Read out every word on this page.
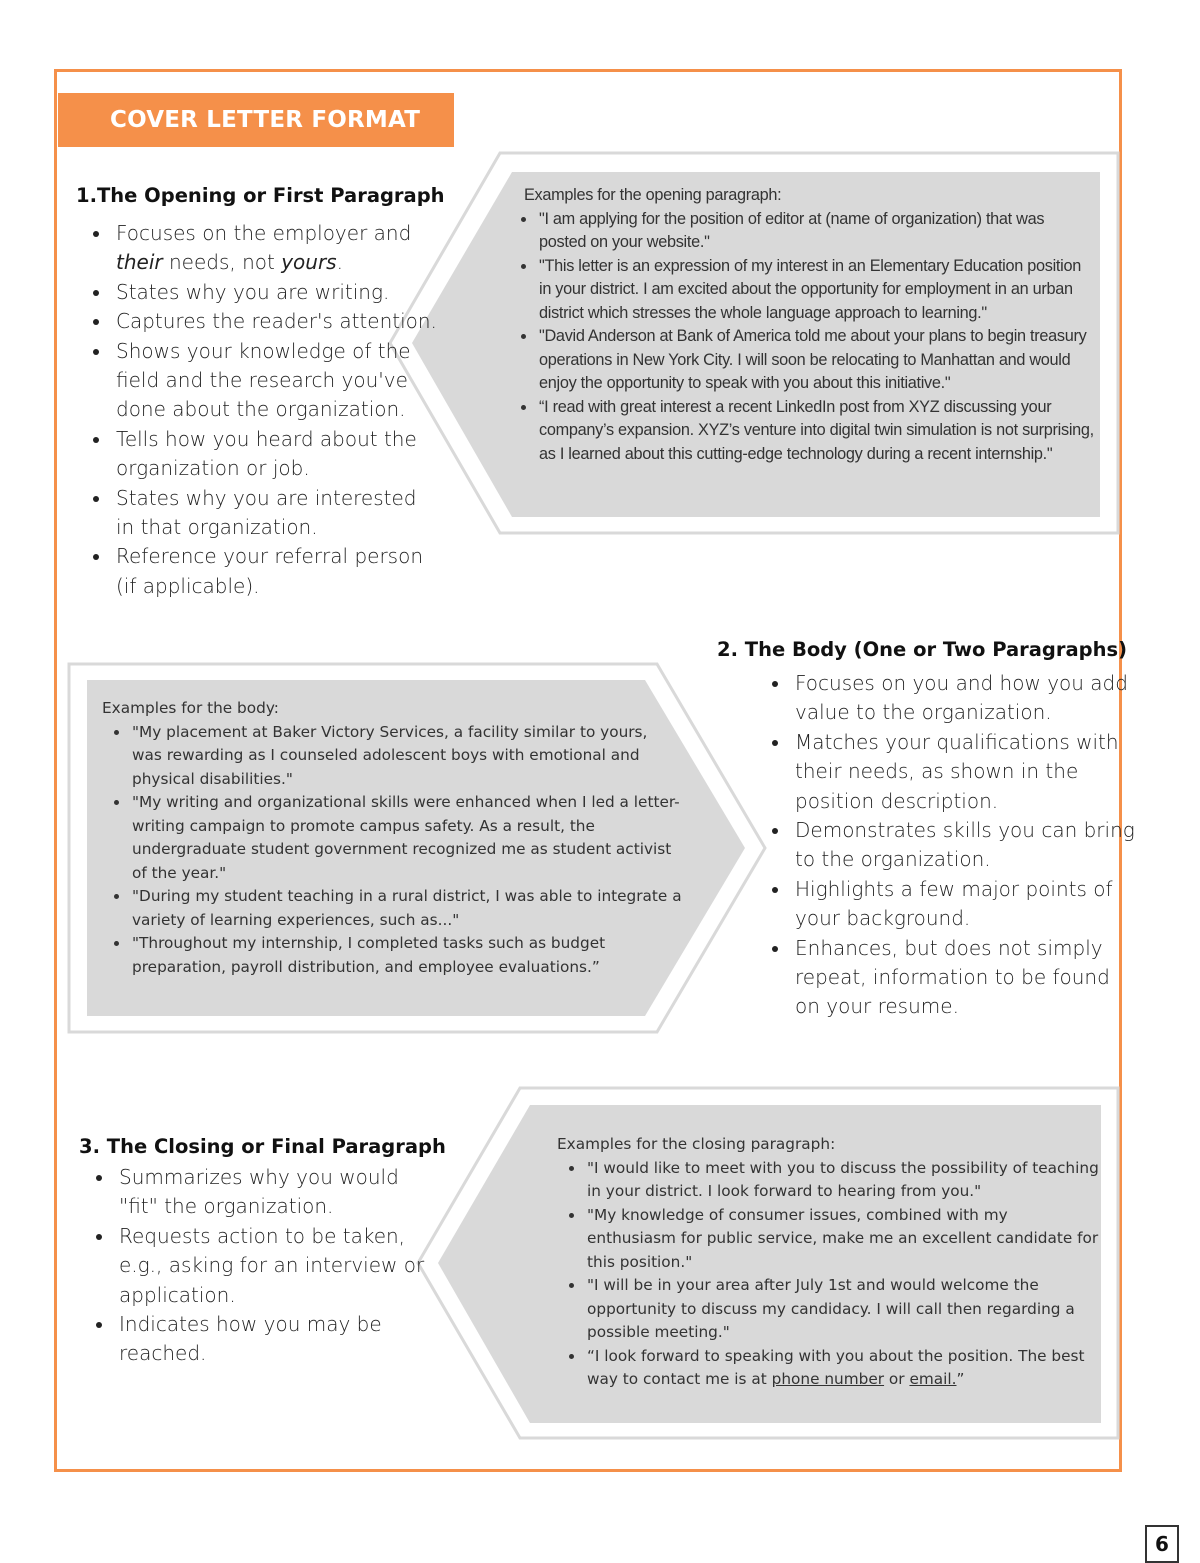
COVER LETTER FORMAT
1.The Opening or First Paragraph
• Focuses on the employer and their needs, not yours.
• States why you are writing.
• Captures the reader's attention.
• Shows your knowledge of the field and the research you've done about the organization.
• Tells how you heard about the organization or job.
• States why you are interested in that organization.
• Reference your referral person (if applicable).

Examples for the opening paragraph:

• "I am applying for the position of editor at (name of organization) that was posted on your website."
• "This letter is an expression of my interest in an Elementary Education position in your district. I am excited about the opportunity for employment in an urban district which stresses the whole language approach to learning."
• "David Anderson at Bank of America told me about your plans to begin treasury operations in New York City. I will soon be relocating to Manhattan and would enjoy the opportunity to speak with you about this initiative."
• “I read with great interest a recent LinkedIn post from XYZ discussing your company’s expansion. XYZ’s venture into digital twin simulation is not surprising, as I learned about this cutting-edge technology during a recent internship."
2. The Body (One or Two Paragraphs)
• Focuses on you and how you add value to the organization.
• Matches your qualifications with their needs, as shown in the position description.
• Demonstrates skills you can bring to the organization.
• Highlights a few major points of your background.
• Enhances, but does not simply repeat, information to be found on your resume.

Examples for the body:

• "My placement at Baker Victory Services, a facility similar to yours, was rewarding as I counseled adolescent boys with emotional and physical disabilities."
• "My writing and organizational skills were enhanced when I led a letter-writing campaign to promote campus safety. As a result, the undergraduate student government recognized me as student activist of the year."
• "During my student teaching in a rural district, I was able to integrate a variety of learning experiences, such as..."
• "Throughout my internship, I completed tasks such as budget preparation, payroll distribution, and employee evaluations.”
3. The Closing or Final Paragraph
• Summarizes why you would "fit" the organization.
• Requests action to be taken, e.g., asking for an interview or application.
• Indicates how you may be reached.

Examples for the closing paragraph:

• "I would like to meet with you to discuss the possibility of teaching in your district. I look forward to hearing from you."
• "My knowledge of consumer issues, combined with my enthusiasm for public service, make me an excellent candidate for this position."
• "I will be in your area after July 1st and would welcome the opportunity to discuss my candidacy. I will call then regarding a possible meeting."
• “I look forward to speaking with you about the position. The best way to contact me is at phone number or email.”
6
